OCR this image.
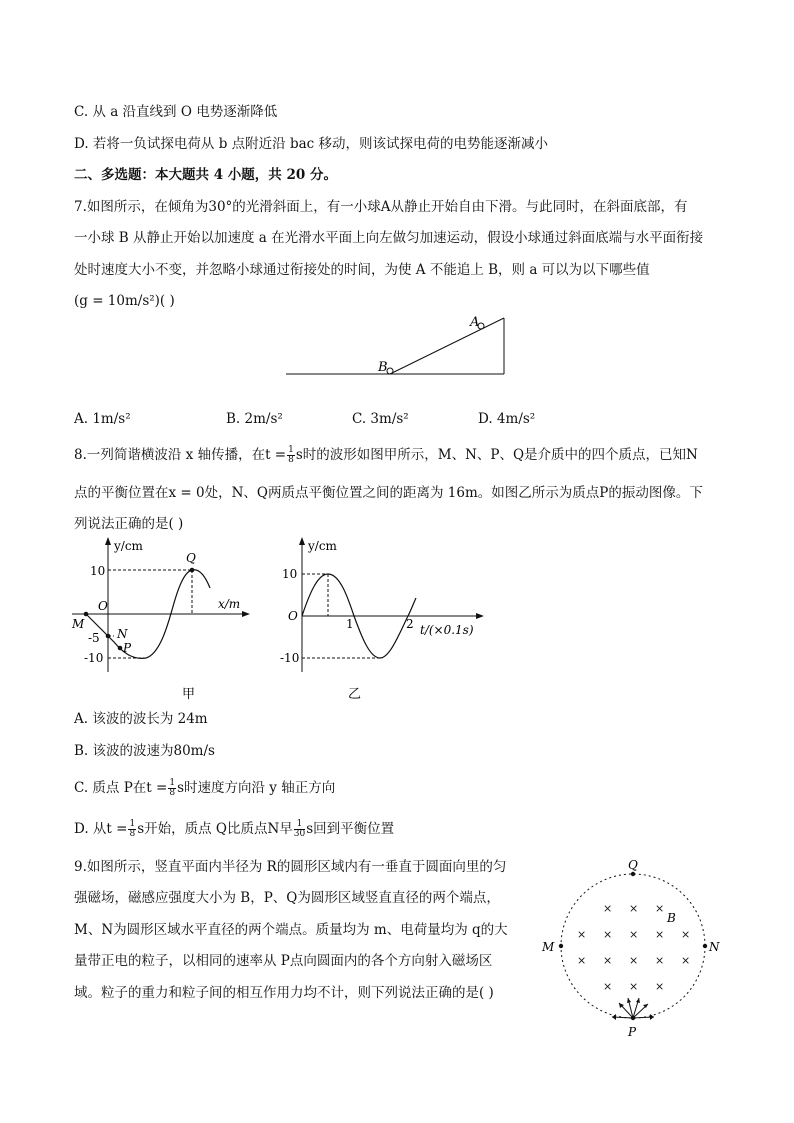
C. 从 a 沿直线到 O 电势逐渐降低
D. 若将一负试探电荷从 b 点附近沿 bac 移动，则该试探电荷的电势能逐渐减小
二、多选题：本大题共 4 小题，共 20 分。
7.如图所示，在倾角为30°的光滑斜面上，有一小球A从静止开始自由下滑。与此同时，在斜面底部，有
一小球 B 从静止开始以加速度 a 在光滑水平面上向左做匀加速运动，假设小球通过斜面底端与水平面衔接
处时速度大小不变，并忽略小球通过衔接处的时间，为使 A 不能追上 B，则 a 可以为以下哪些值
(g = 10m/s²)( )
A
B
A. 1m/s²	B. 2m/s²	C. 3m/s²	D. 4m/s²
8.一列简谐横波沿 x 轴传播，在$t = \frac{1}{8}$ s时的波形如图甲所示，M、N、P、Q是介质中的四个质点，已知N
点的平衡位置在x = 0处，N、Q两质点平衡位置之间的距离为 16m。如图乙所示为质点P的振动图像。下
列说法正确的是( )
y/cm
x/m
O
10
-5
-10
M
N
P
Q
甲
y/cm
t/(×0.1s)
O
10
-10
1	2
乙
A. 该波的波长为 24m
B. 该波的波速为80m/s
C. 质点 P在$t = \frac{1}{8}$ s时速度方向沿 y 轴正方向
D. 从$t = \frac{1}{8}$ s开始，质点 Q比质点N早 $\frac{1}{30}$ s回到平衡位置
9.如图所示，竖直平面内半径为 R的圆形区域内有一垂直于圆面向里的匀
强磁场，磁感应强度大小为 B，P、Q为圆形区域竖直直径的两个端点，
M、N为圆形区域水平直径的两个端点。质量均为 m、电荷量均为 q的大
量带正电的粒子，以相同的速率从 P点向圆面内的各个方向射入磁场区
域。粒子的重力和粒子间的相互作用力均不计，则下列说法正确的是( )
Q
M	N
P
B
× × ×
× × × × ×
× × × × ×
× × ×
